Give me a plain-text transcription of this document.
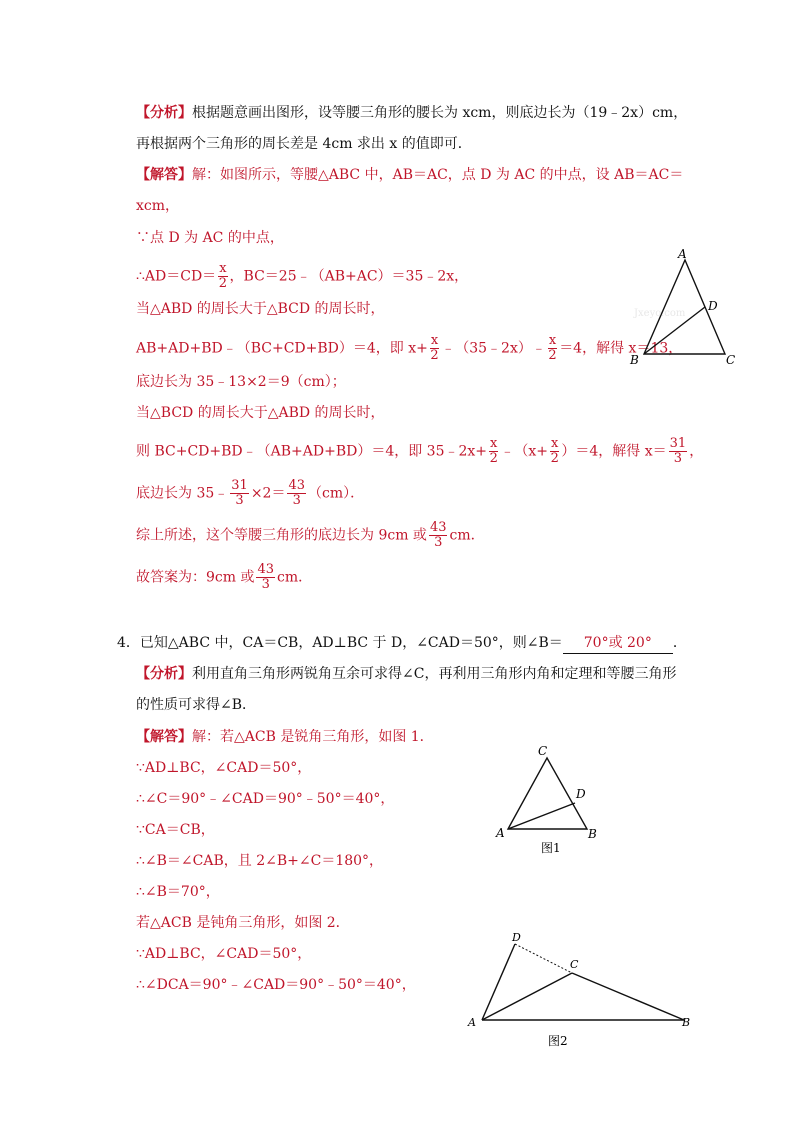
【分析】根据题意画出图形，设等腰三角形的腰长为 xcm，则底边长为（19﹣2x）cm，
再根据两个三角形的周长差是 4cm 求出 x 的值即可．
【解答】解：如图所示，等腰△ABC 中，AB＝AC，点 D 为 AC 的中点，设 AB＝AC＝
xcm，
∵点 D 为 AC 的中点，
∴AD＝CD＝ $\frac{x}{2}$ ，BC＝25﹣（AB+AC）＝35﹣2x，
当△ABD 的周长大于△BCD 的周长时，
AB+AD+BD﹣（BC+CD+BD）＝4，即 $x+ \frac{x}{2}$ ﹣（35﹣2x）﹣ $\frac{x}{2} =4$，解得 x＝13，
底边长为 35﹣13×2＝9（cm）；
当△BCD 的周长大于△ABD 的周长时，
则 BC+CD+BD﹣（AB+AD+BD）＝4，即 35﹣2x+ $\frac{x}{2}$ ﹣（x+ $\frac{x}{2} )=4$，解得 $x= \frac{31}{3}$ ，
底边长为 35﹣ $\frac{31}{3} \times 2= \frac{43}{3} (cm)$．
综上所述，这个等腰三角形的底边长为 9cm 或 $\frac{43}{3}$ cm．
故答案为：9cm 或 $\frac{43}{3}$ cm．
A
D
B	C
Jxeyo.com
4．已知△ABC 中，CA＝CB，AD⊥BC 于 D，∠CAD＝50°，则∠B＝ 70°或 20° ．
【分析】利用直角三角形两锐角互余可求得∠C，再利用三角形内角和定理和等腰三角形
的性质可求得∠B．
【解答】解：若△ACB 是锐角三角形，如图 1．
∵AD⊥BC，∠CAD＝50°，
∴∠C＝90°﹣∠CAD＝90°﹣50°＝40°，
∵CA＝CB，
∴∠B＝∠CAB，且 2∠B+∠C＝180°，
∴∠B＝70°，
若△ACB 是钝角三角形，如图 2．
∵AD⊥BC，∠CAD＝50°，
∴∠DCA＝90°﹣∠CAD＝90°﹣50°＝40°，
C
D
A	B
图1
D
C
A	B
图2
